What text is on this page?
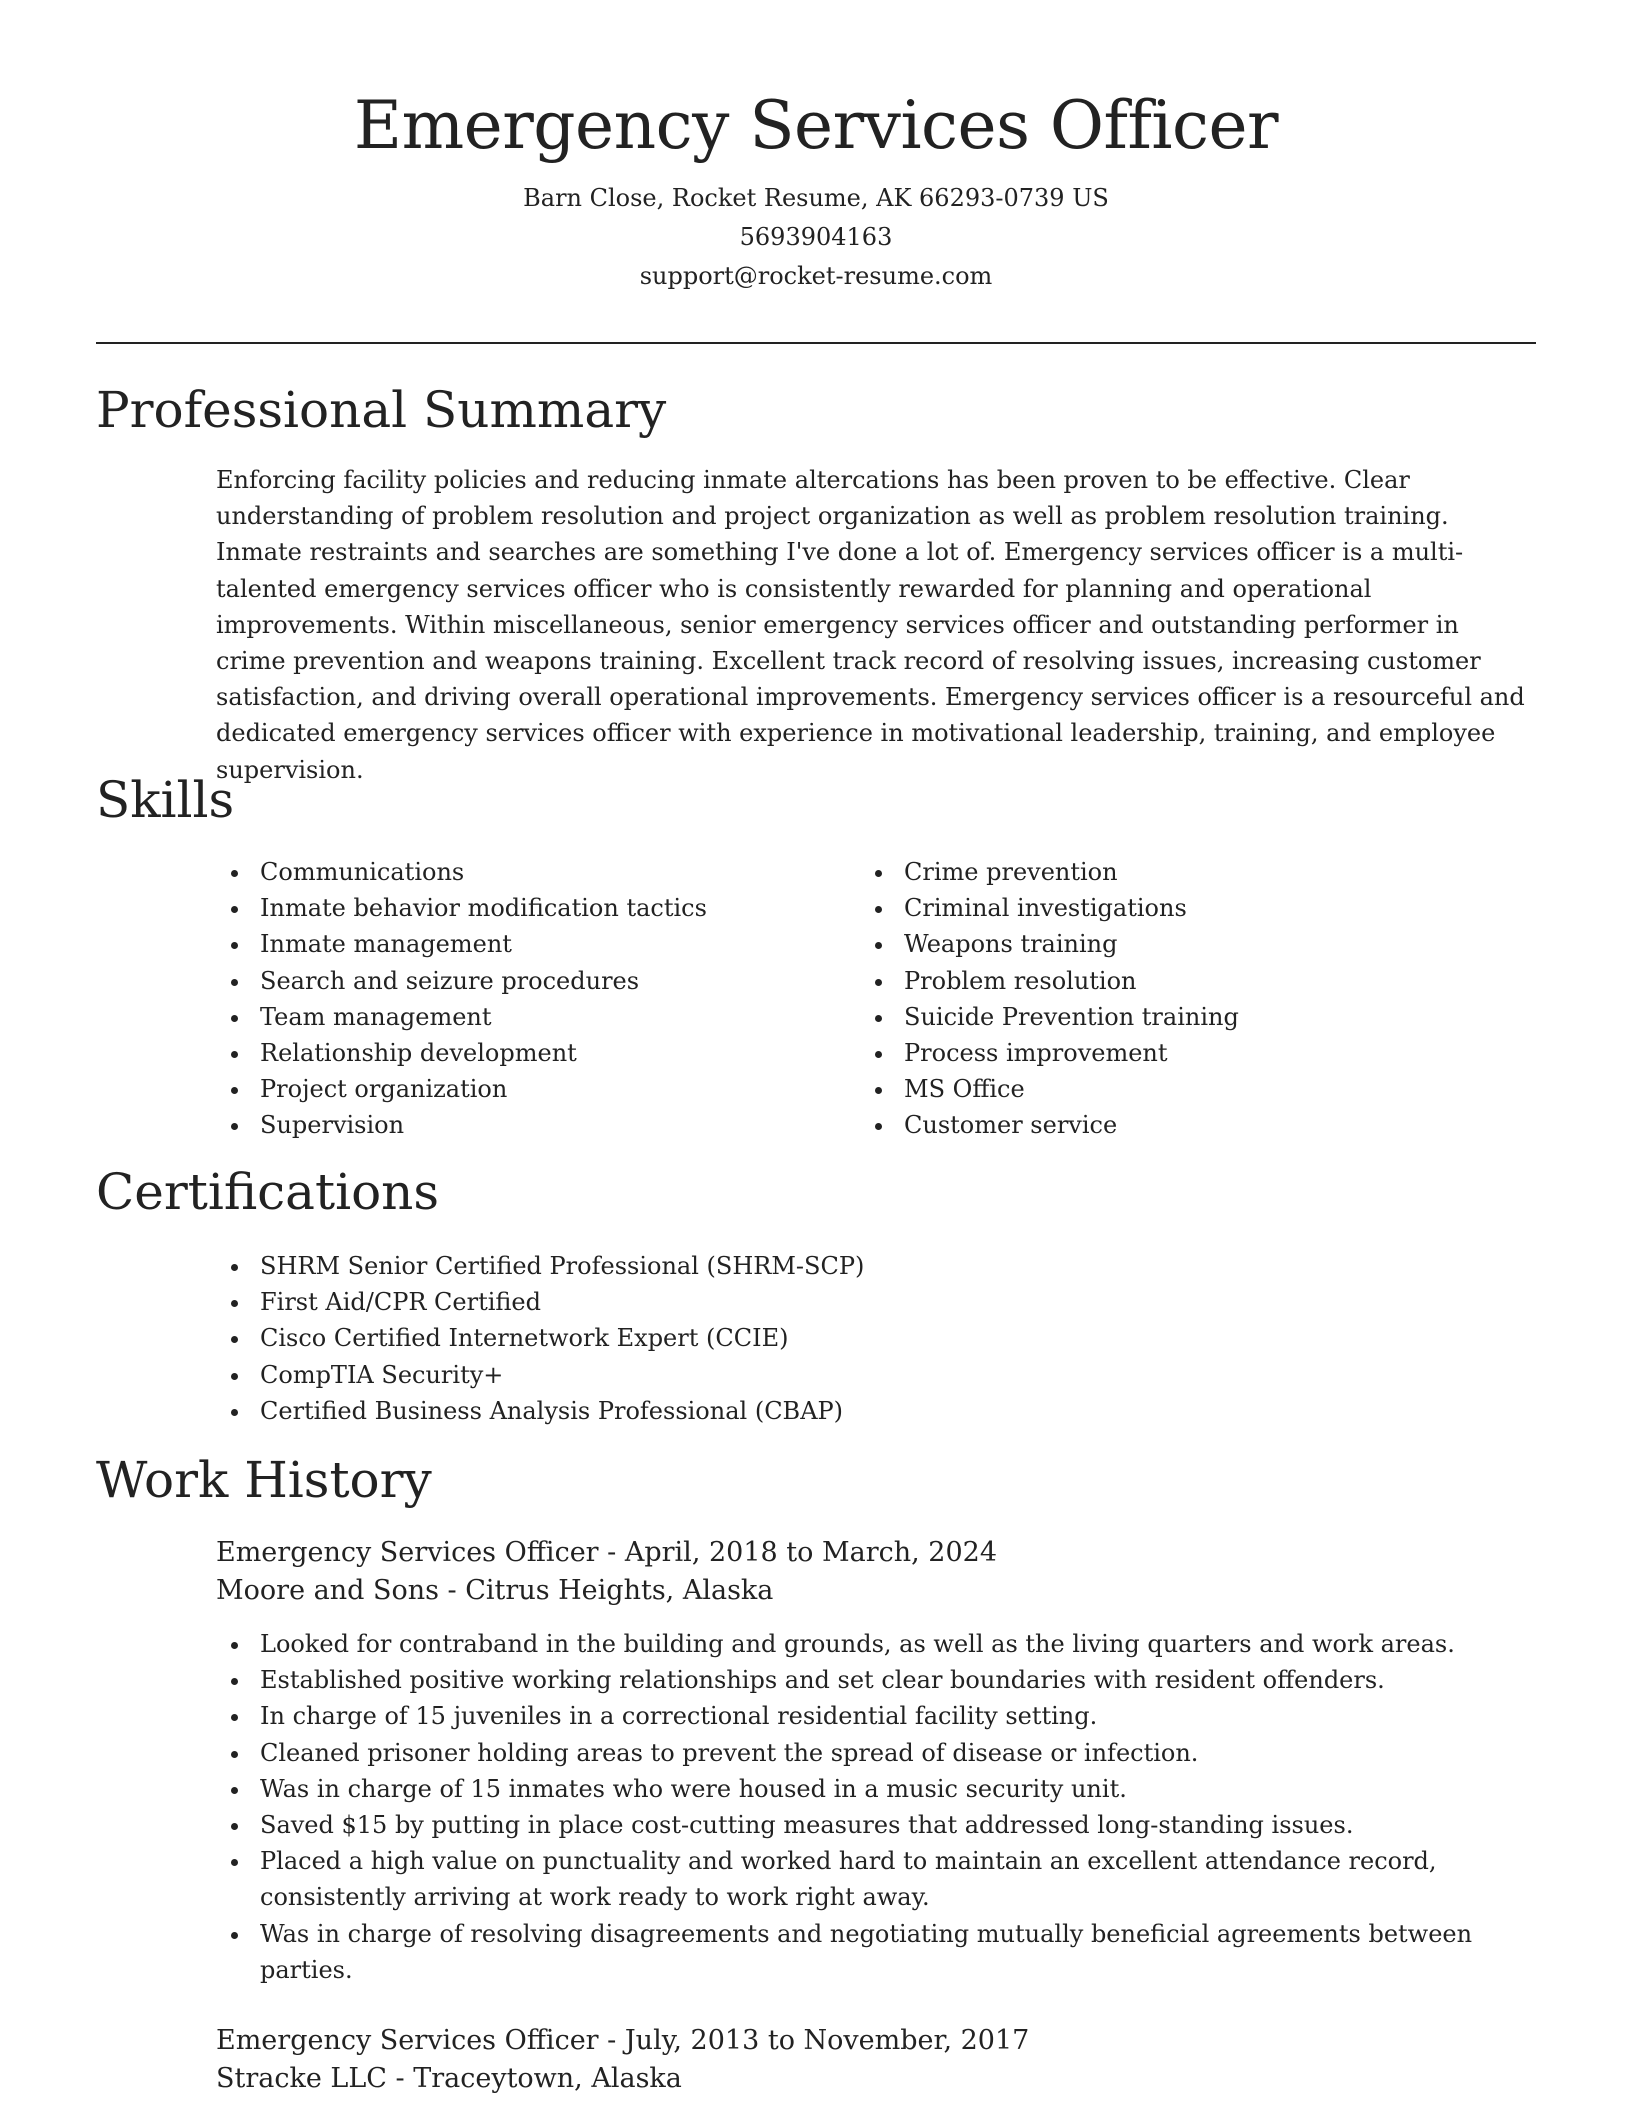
Emergency Services Officer

Barn Close, Rocket Resume, AK 66293-0739 US

5693904163

support@rocket-resume.com

Professional Summary

Enforcing facility policies and reducing inmate altercations has been proven to be effective. Clear understanding of problem resolution and project organization as well as problem resolution training. Inmate restraints and searches are something I've done a lot of. Emergency services officer is a multi-talented emergency services officer who is consistently rewarded for planning and operational improvements. Within miscellaneous, senior emergency services officer and outstanding performer in crime prevention and weapons training. Excellent track record of resolving issues, increasing customer satisfaction, and driving overall operational improvements. Emergency services officer is a resourceful and dedicated emergency services officer with experience in motivational leadership, training, and employee supervision.

Skills
Communications
Inmate behavior modification tactics
Inmate management
Search and seizure procedures
Team management
Relationship development
Project organization
Supervision
Crime prevention
Criminal investigations
Weapons training
Problem resolution
Suicide Prevention training
Process improvement
MS Office
Customer service
Certifications
SHRM Senior Certified Professional (SHRM-SCP)
First Aid/CPR Certified
Cisco Certified Internetwork Expert (CCIE)
CompTIA Security+
Certified Business Analysis Professional (CBAP)
Work History

Emergency Services Officer - April, 2018 to March, 2024

Moore and Sons - Citrus Heights, Alaska

Looked for contraband in the building and grounds, as well as the living quarters and work areas.
Established positive working relationships and set clear boundaries with resident offenders.
In charge of 15 juveniles in a correctional residential facility setting.
Cleaned prisoner holding areas to prevent the spread of disease or infection.
Was in charge of 15 inmates who were housed in a music security unit.
Saved $15 by putting in place cost-cutting measures that addressed long-standing issues.
Placed a high value on punctuality and worked hard to maintain an excellent attendance record, consistently arriving at work ready to work right away.
Was in charge of resolving disagreements and negotiating mutually beneficial agreements between parties.

Emergency Services Officer - July, 2013 to November, 2017

Stracke LLC - Traceytown, Alaska
